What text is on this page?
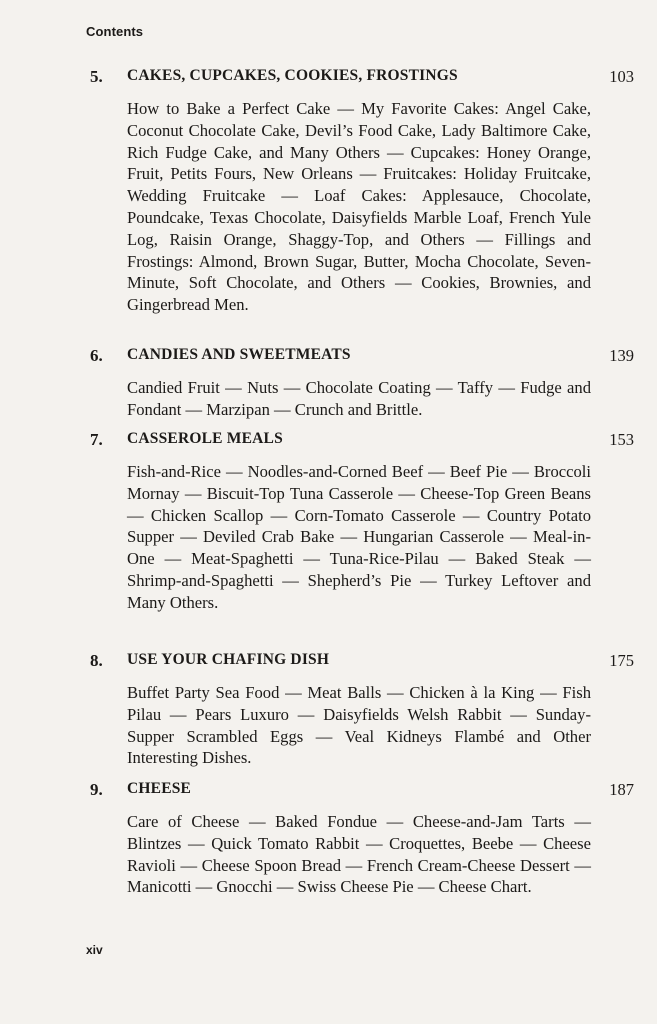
Contents
5. CAKES, CUPCAKES, COOKIES, FROSTINGS	103
How to Bake a Perfect Cake — My Favorite Cakes: Angel Cake, Coconut Chocolate Cake, Devil’s Food Cake, Lady Baltimore Cake, Rich Fudge Cake, and Many Others — Cupcakes: Honey Orange, Fruit, Petits Fours, New Orleans — Fruitcakes: Holiday Fruitcake, Wedding Fruitcake — Loaf Cakes: Applesauce, Chocolate, Poundcake, Texas Chocolate, Daisyfields Marble Loaf, French Yule Log, Raisin Orange, Shaggy-Top, and Others — Fillings and Frostings: Almond, Brown Sugar, Butter, Mocha Chocolate, Seven-Minute, Soft Chocolate, and Others — Cookies, Brownies, and Gingerbread Men.
6. CANDIES AND SWEETMEATS	139
Candied Fruit — Nuts — Chocolate Coating — Taffy — Fudge and Fondant — Marzipan — Crunch and Brittle.
7. CASSEROLE MEALS	153
Fish-and-Rice — Noodles-and-Corned Beef — Beef Pie — Broccoli Mornay — Biscuit-Top Tuna Casserole — Cheese-Top Green Beans — Chicken Scallop — Corn-Tomato Casserole — Country Potato Supper — Deviled Crab Bake — Hungarian Casserole — Meal-in-One — Meat-Spaghetti — Tuna-Rice-Pilau — Baked Steak — Shrimp-and-Spaghetti — Shepherd’s Pie — Turkey Leftover and Many Others.
8. USE YOUR CHAFING DISH	175
Buffet Party Sea Food — Meat Balls — Chicken à la King — Fish Pilau — Pears Luxuro — Daisyfields Welsh Rabbit — Sunday-Supper Scrambled Eggs — Veal Kidneys Flambé and Other Interesting Dishes.
9. CHEESE	187
Care of Cheese — Baked Fondue — Cheese-and-Jam Tarts — Blintzes — Quick Tomato Rabbit — Croquettes, Beebe — Cheese Ravioli — Cheese Spoon Bread — French Cream-Cheese Dessert — Manicotti — Gnocchi — Swiss Cheese Pie — Cheese Chart.
xiv
